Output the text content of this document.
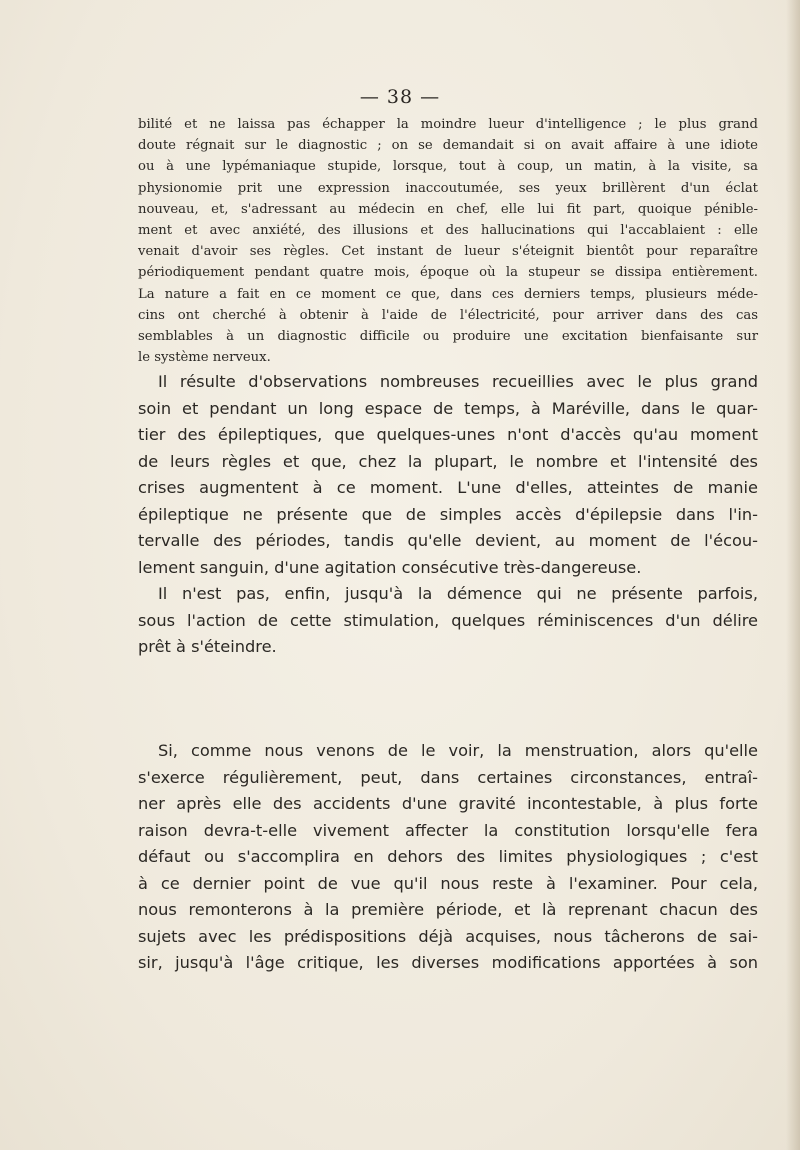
— 38 —
bilité et ne laissa pas échapper la moindre lueur d'intelligence ; le plus grand
doute régnait sur le diagnostic ; on se demandait si on avait affaire à une idiote
ou à une lypémaniaque stupide, lorsque, tout à coup, un matin, à la visite, sa
physionomie prit une expression inaccoutumée, ses yeux brillèrent d'un éclat
nouveau, et, s'adressant au médecin en chef, elle lui fit part, quoique pénible-
ment et avec anxiété, des illusions et des hallucinations qui l'accablaient : elle
venait d'avoir ses règles. Cet instant de lueur s'éteignit bientôt pour reparaître
périodiquement pendant quatre mois, époque où la stupeur se dissipa entièrement.
La nature a fait en ce moment ce que, dans ces derniers temps, plusieurs méde-
cins ont cherché à obtenir à l'aide de l'électricité, pour arriver dans des cas
semblables à un diagnostic difficile ou produire une excitation bienfaisante sur
le système nerveux.
Il résulte d'observations nombreuses recueillies avec le plus grand
soin et pendant un long espace de temps, à Maréville, dans le quar-
tier des épileptiques, que quelques-unes n'ont d'accès qu'au moment
de leurs règles et que, chez la plupart, le nombre et l'intensité des
crises augmentent à ce moment. L'une d'elles, atteintes de manie
épileptique ne présente que de simples accès d'épilepsie dans l'in-
tervalle des périodes, tandis qu'elle devient, au moment de l'écou-
lement sanguin, d'une agitation consécutive très-dangereuse.
Il n'est pas, enfin, jusqu'à la démence qui ne présente parfois,
sous l'action de cette stimulation, quelques réminiscences d'un délire
prêt à s'éteindre.
Si, comme nous venons de le voir, la menstruation, alors qu'elle
s'exerce régulièrement, peut, dans certaines circonstances, entraî-
ner après elle des accidents d'une gravité incontestable, à plus forte
raison devra-t-elle vivement affecter la constitution lorsqu'elle fera
défaut ou s'accomplira en dehors des limites physiologiques ; c'est
à ce dernier point de vue qu'il nous reste à l'examiner. Pour cela,
nous remonterons à la première période, et là reprenant chacun des
sujets avec les prédispositions déjà acquises, nous tâcherons de sai-
sir, jusqu'à l'âge critique, les diverses modifications apportées à son
